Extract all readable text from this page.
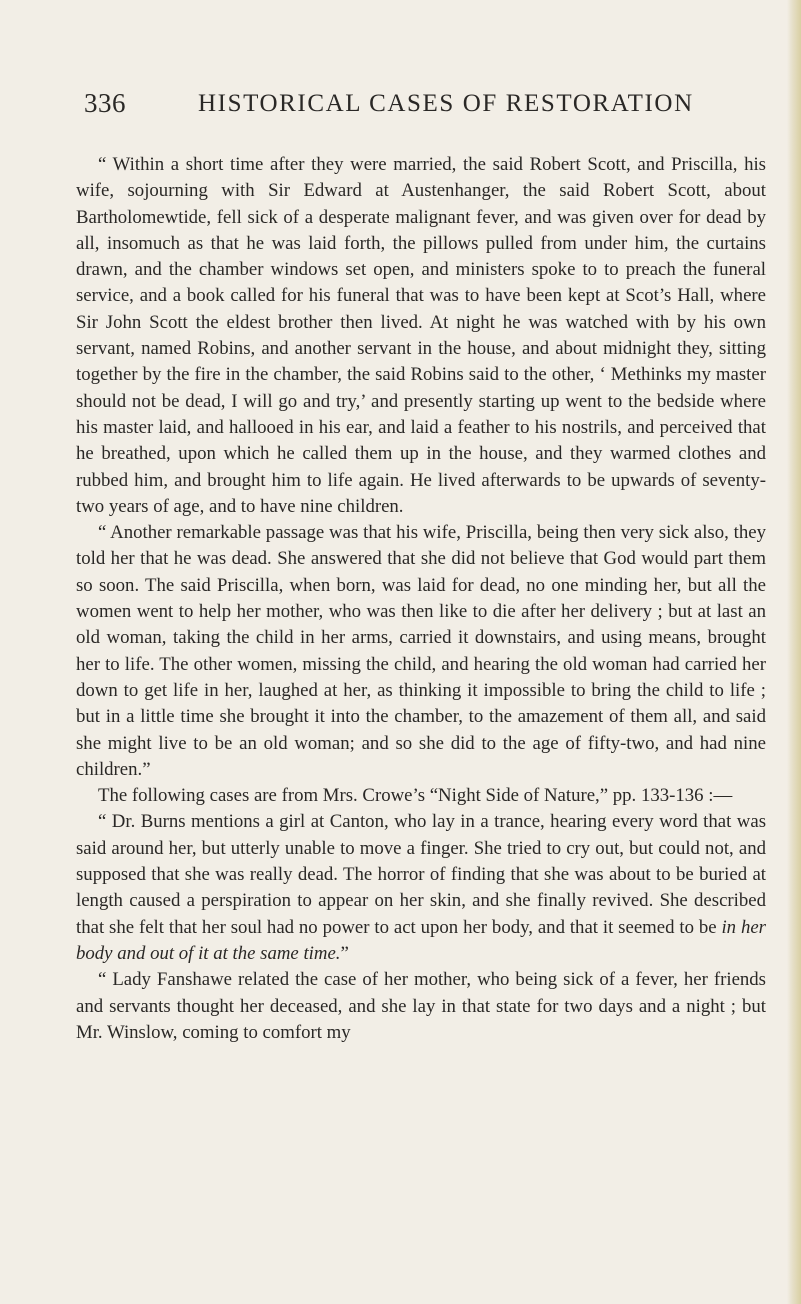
336	HISTORICAL CASES OF RESTORATION

“ Within a short time after they were married, the said Robert Scott, and Priscilla, his wife, sojourning with Sir Edward at Austenhanger, the said Robert Scott, about Bartholomewtide, fell sick of a desperate malignant fever, and was given over for dead by all, insomuch as that he was laid forth, the pillows pulled from under him, the curtains drawn, and the chamber windows set open, and ministers spoke to to preach the funeral service, and a book called for his funeral that was to have been kept at Scot’s Hall, where Sir John Scott the eldest brother then lived. At night he was watched with by his own servant, named Robins, and another servant in the house, and about midnight they, sitting together by the fire in the chamber, the said Robins said to the other, ‘ Methinks my master should not be dead, I will go and try,’ and presently starting up went to the bedside where his master laid, and hallooed in his ear, and laid a feather to his nostrils, and perceived that he breathed, upon which he called them up in the house, and they warmed clothes and rubbed him, and brought him to life again. He lived afterwards to be upwards of seventy-two years of age, and to have nine children.

“ Another remarkable passage was that his wife, Priscilla, being then very sick also, they told her that he was dead. She answered that she did not believe that God would part them so soon. The said Priscilla, when born, was laid for dead, no one minding her, but all the women went to help her mother, who was then like to die after her delivery ; but at last an old woman, taking the child in her arms, carried it downstairs, and using means, brought her to life. The other women, missing the child, and hearing the old woman had carried her down to get life in her, laughed at her, as thinking it impossible to bring the child to life ; but in a little time she brought it into the chamber, to the amazement of them all, and said she might live to be an old woman; and so she did to the age of fifty-two, and had nine children.”

The following cases are from Mrs. Crowe’s “Night Side of Nature,” pp. 133-136 :—

“ Dr. Burns mentions a girl at Canton, who lay in a trance, hearing every word that was said around her, but utterly unable to move a finger. She tried to cry out, but could not, and supposed that she was really dead. The horror of finding that she was about to be buried at length caused a perspiration to appear on her skin, and she finally revived. She described that she felt that her soul had no power to act upon her body, and that it seemed to be in her body and out of it at the same time.”

“ Lady Fanshawe related the case of her mother, who being sick of a fever, her friends and servants thought her deceased, and she lay in that state for two days and a night ; but Mr. Winslow, coming to comfort my
